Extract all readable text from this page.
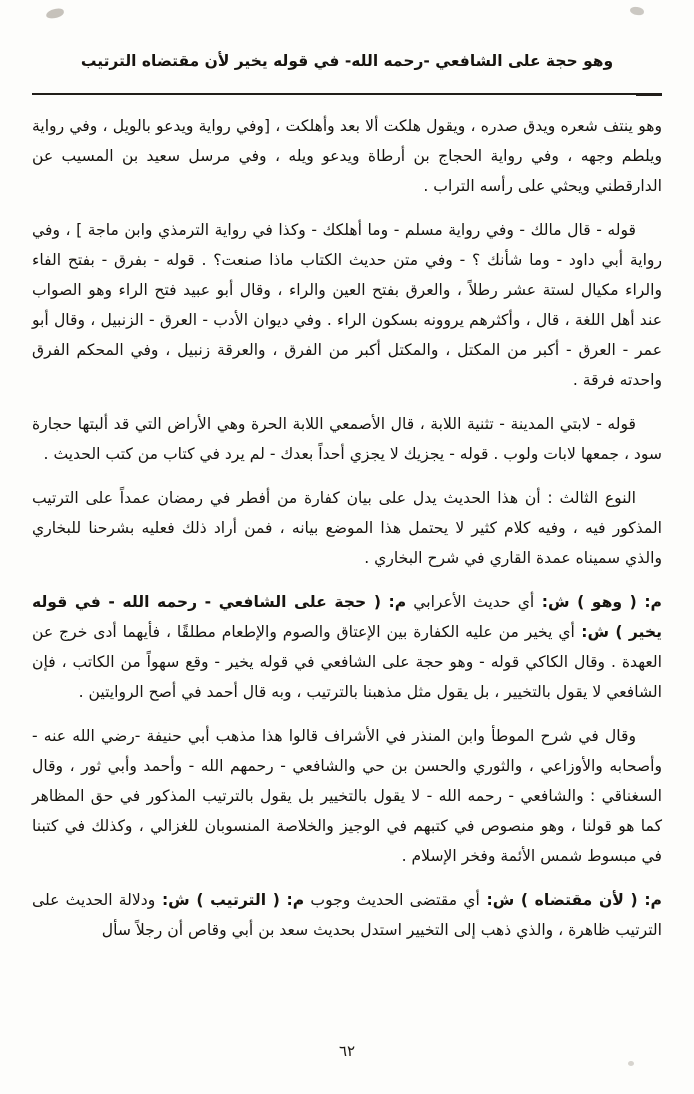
وهو حجة على الشافعي -رحمه الله- في قوله يخير لأن مقتضاه الترتيب

وهو ينتف شعره ويدق صدره ، ويقول هلكت ألا بعد وأهلكت ، [وفي رواية ويدعو بالويل ، وفي رواية ويلطم وجهه ، وفي رواية الحجاج بن أرطاة ويدعو ويله ، وفي مرسل سعيد بن المسيب عن الدارقطني ويحثي على رأسه التراب .

قوله - قال مالك - وفي رواية مسلم - وما أهلكك - وكذا في رواية الترمذي وابن ماجة ] ، وفي رواية أبي داود - وما شأنك ؟ - وفي متن حديث الكتاب ماذا صنعت؟ . قوله - بفرق - بفتح الفاء والراء مكيال لستة عشر رطلاً ، والعرق بفتح العين والراء ، وقال أبو عبيد فتح الراء وهو الصواب عند أهل اللغة ، قال ، وأكثرهم يروونه بسكون الراء . وفي ديوان الأدب - العرق - الزنبيل ، وقال أبو عمر - العرق - أكبر من المكتل ، والمكتل أكبر من الفرق ، والعرقة زنبيل ، وفي المحكم الفرق واحدته فرقة .

قوله - لابتي المدينة - تثنية اللابة ، قال الأصمعي اللابة الحرة وهي الأراض التي قد ألبتها حجارة سود ، جمعها لابات ولوب . قوله - يجزيك لا يجزي أحداً بعدك - لم يرد في كتاب من كتب الحديث .

النوع الثالث : أن هذا الحديث يدل على بيان كفارة من أفطر في رمضان عمداً على الترتيب المذكور فيه ، وفيه كلام كثير لا يحتمل هذا الموضع بيانه ، فمن أراد ذلك فعليه بشرحنا للبخاري والذي سميناه عمدة القاري في شرح البخاري .

م: ( وهو ) ش: أي حديث الأعرابي م: ( حجة على الشافعي - رحمه الله - في قوله يخير ) ش: أي يخير من عليه الكفارة بين الإعتاق والصوم والإطعام مطلقًا ، فأيهما أدى خرج عن العهدة . وقال الكاكي قوله - وهو حجة على الشافعي في قوله يخير - وقع سهواً من الكاتب ، فإن الشافعي لا يقول بالتخيير ، بل يقول مثل مذهبنا بالترتيب ، وبه قال أحمد في أصح الروايتين .

وقال في شرح الموطأ وابن المنذر في الأشراف قالوا هذا مذهب أبي حنيفة -رضي الله عنه - وأصحابه والأوزاعي ، والثوري والحسن بن حي والشافعي - رحمهم الله - وأحمد وأبي ثور ، وقال السغناقي : والشافعي - رحمه الله - لا يقول بالتخيير بل يقول بالترتيب المذكور في حق المظاهر كما هو قولنا ، وهو منصوص في كتبهم في الوجيز والخلاصة المنسوبان للغزالي ، وكذلك في كتبنا في مبسوط شمس الأئمة وفخر الإسلام .

م: ( لأن مقتضاه ) ش: أي مقتضى الحديث وجوب م: ( الترتيب ) ش: ودلالة الحديث على الترتيب ظاهرة ، والذي ذهب إلى التخيير استدل بحديث سعد بن أبي وقاص أن رجلاً سأل

٦٢
